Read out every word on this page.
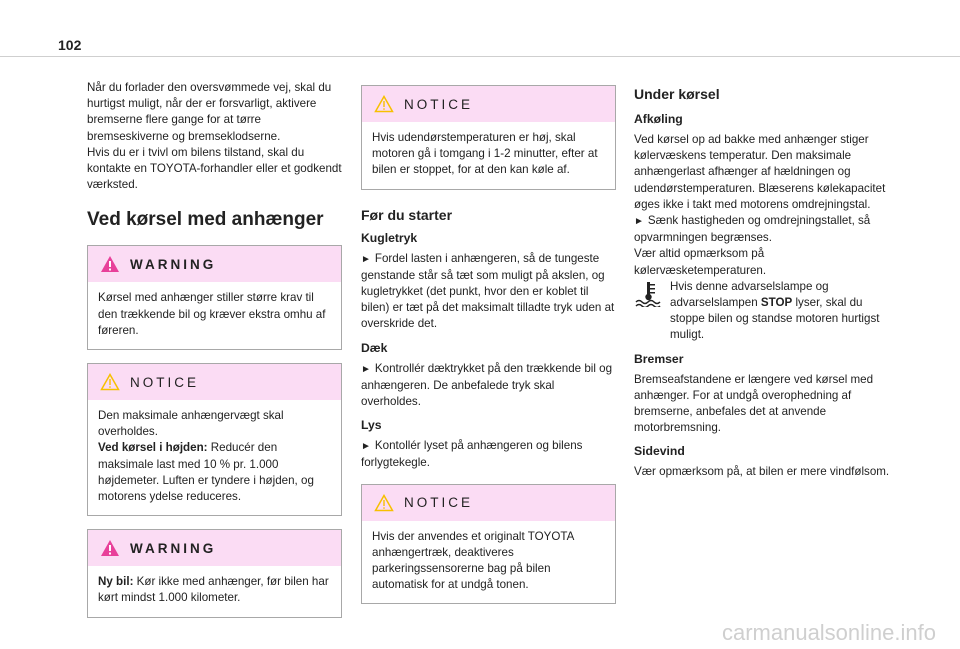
102

Når du forlader den oversvømmede vej, skal du hurtigst muligt, når der er forsvarligt, aktivere bremserne flere gange for at tørre bremseskiverne og bremseklodserne.

Hvis du er i tvivl om bilens tilstand, skal du kontakte en TOYOTA-forhandler eller et godkendt værksted.

Ved kørsel med anhænger
WARNING

Kørsel med anhænger stiller større krav til den trækkende bil og kræver ekstra omhu af føreren.

NOTICE

Den maksimale anhængervægt skal overholdes.

Ved kørsel i højden: Reducér den maksimale last med 10 % pr. 1.000 højdemeter. Luften er tyndere i højden, og motorens ydelse reduceres.

WARNING

Ny bil: Kør ikke med anhænger, før bilen har kørt mindst 1.000 kilometer.

NOTICE

Hvis udendørstemperaturen er høj, skal motoren gå i tomgang i 1-2 minutter, efter at bilen er stoppet, for at den kan køle af.

Før du starter
Kugletryk

► Fordel lasten i anhængeren, så de tungeste genstande står så tæt som muligt på akslen, og kugletrykket (det punkt, hvor den er koblet til bilen) er tæt på det maksimalt tilladte tryk uden at overskride det.

Dæk

► Kontrollér dæktrykket på den trækkende bil og anhængeren. De anbefalede tryk skal overholdes.

Lys

► Kontollér lyset på anhængeren og bilens forlygtekegle.

NOTICE

Hvis der anvendes et originalt TOYOTA anhængertræk, deaktiveres parkeringssensorerne bag på bilen automatisk for at undgå tonen.

Under kørsel
Afkøling

Ved kørsel op ad bakke med anhænger stiger kølervæskens temperatur. Den maksimale anhængerlast afhænger af hældningen og udendørstemperaturen. Blæserens kølekapacitet øges ikke i takt med motorens omdrejningstal.

► Sænk hastigheden og omdrejningstallet, så opvarmningen begrænses.

Vær altid opmærksom på kølervæsketemperaturen.

Hvis denne advarselslampe og advarselslampen STOP lyser, skal du stoppe bilen og standse motoren hurtigst muligt.

Bremser

Bremseafstandene er længere ved kørsel med anhænger. For at undgå overophedning af bremserne, anbefales det at anvende motorbremsning.

Sidevind

Vær opmærksom på, at bilen er mere vindfølsom.

carmanualsonline.info
